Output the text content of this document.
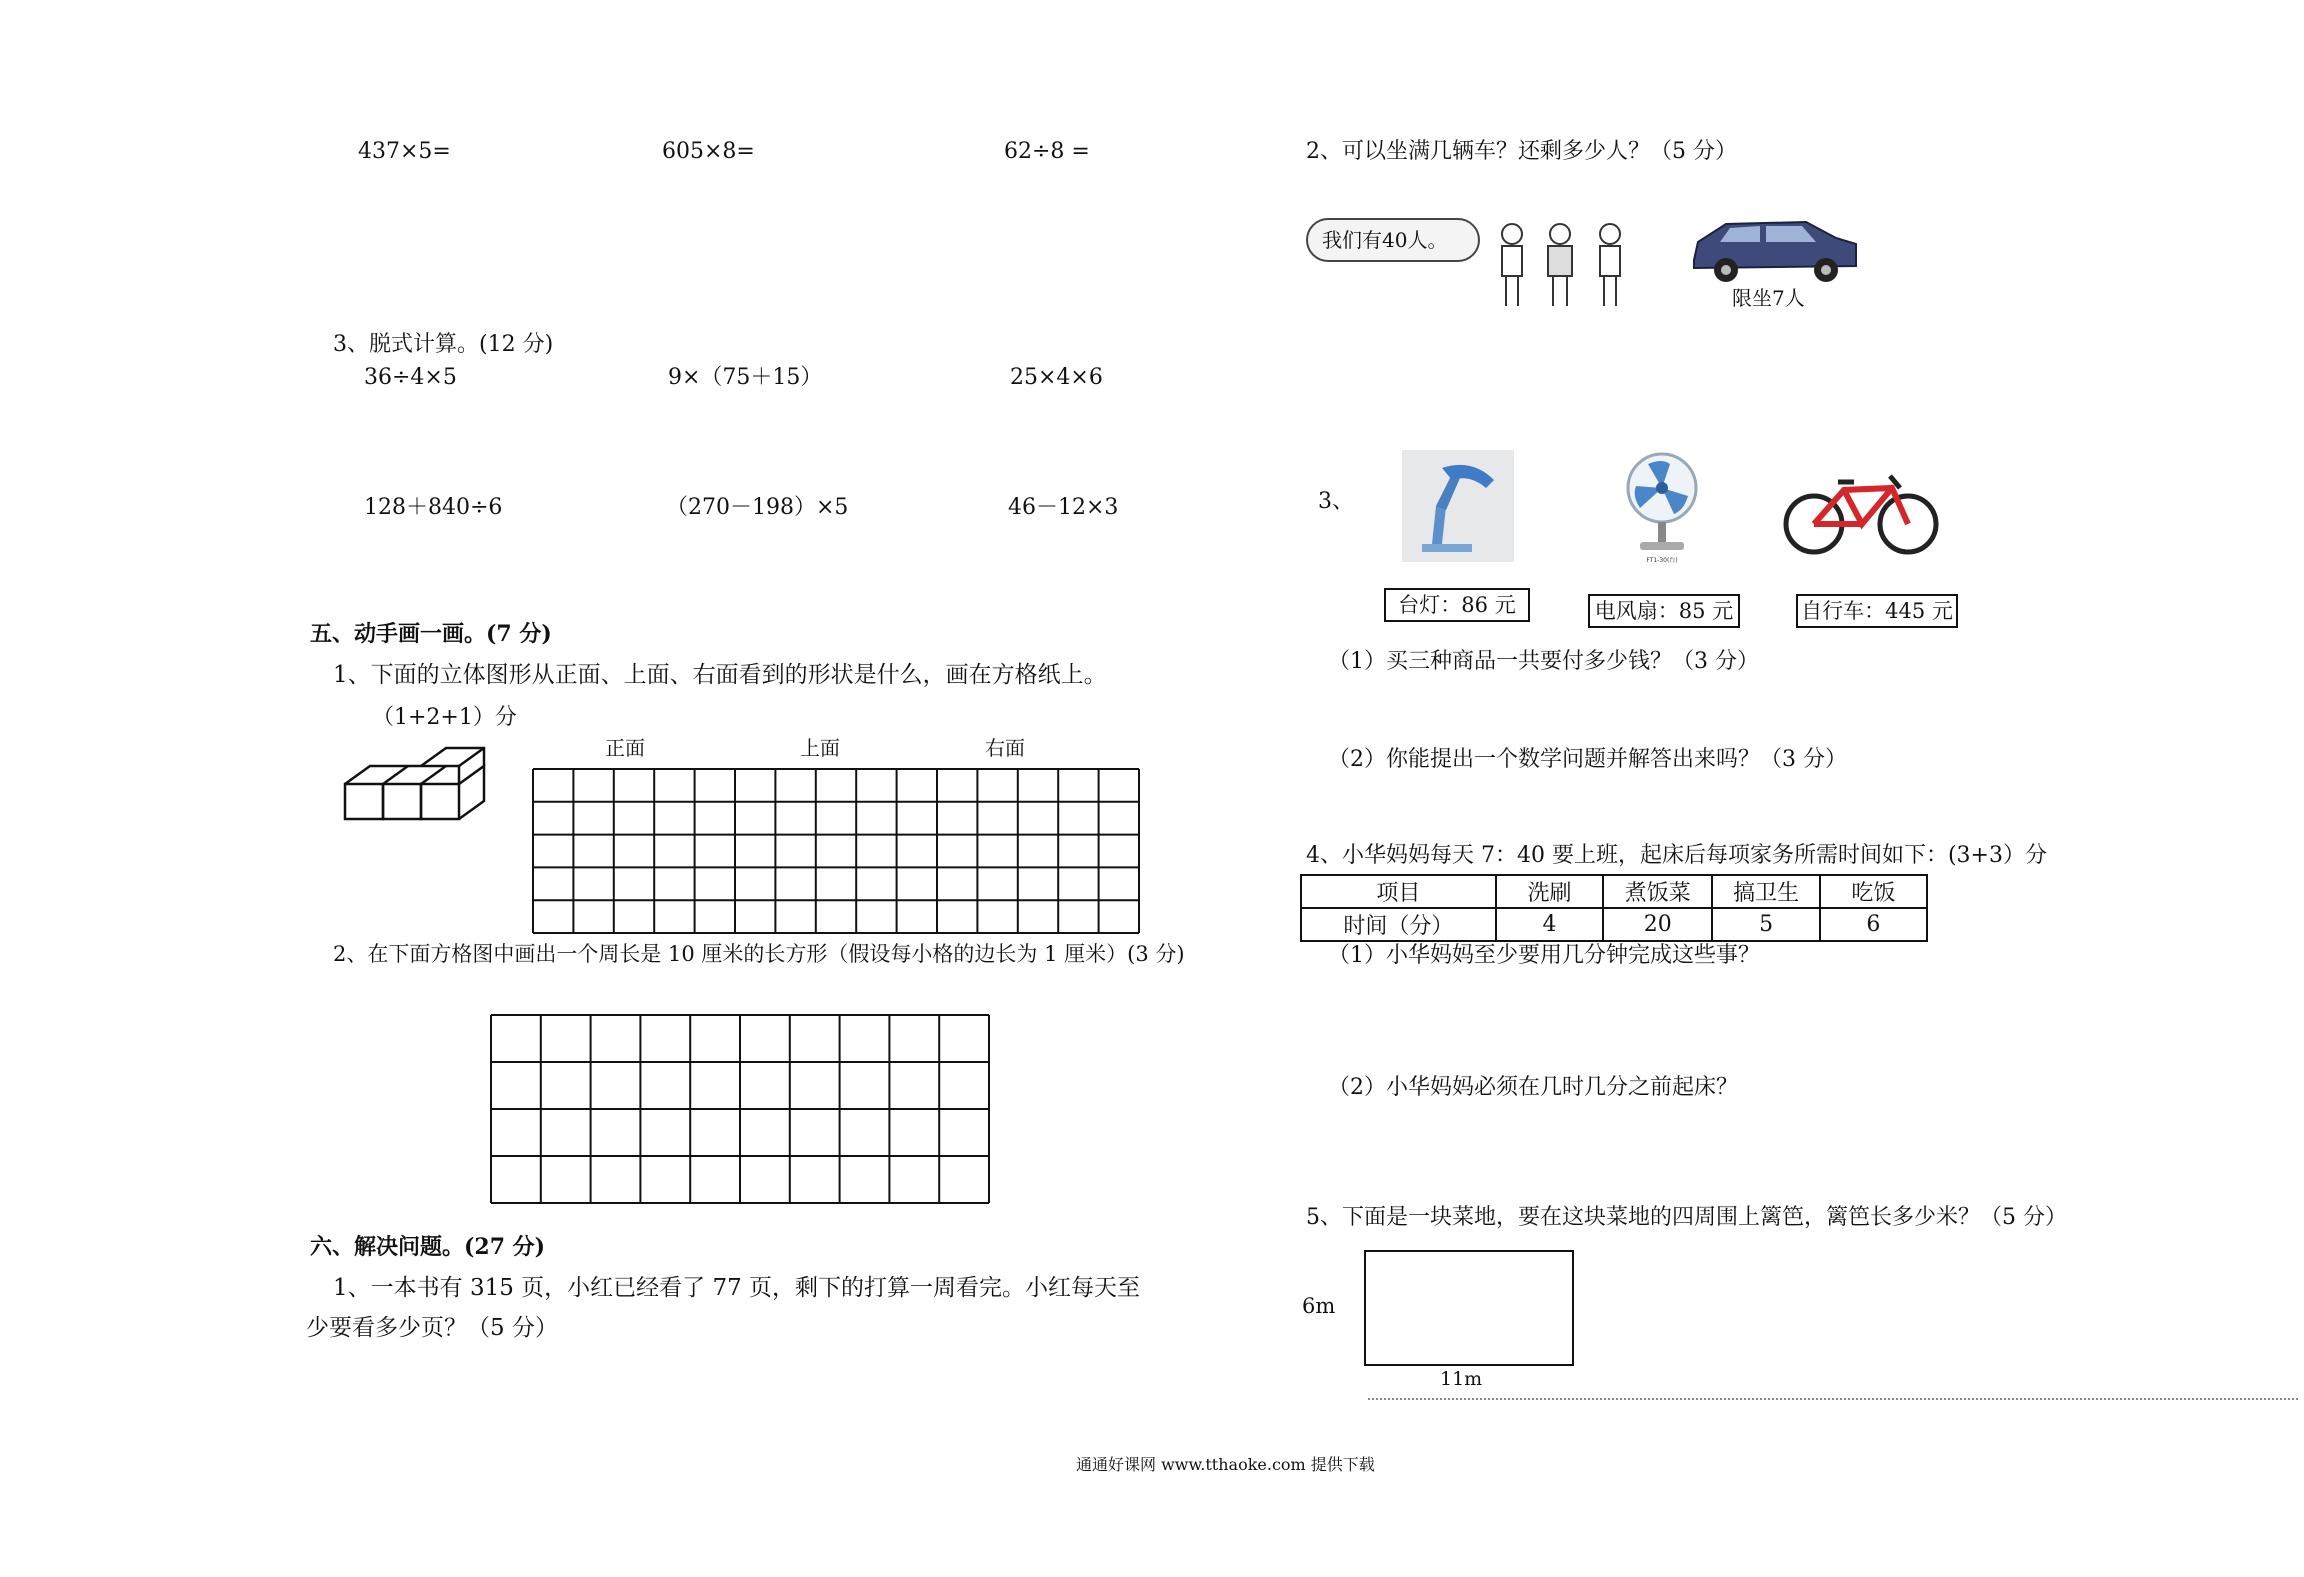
437×5=	605×8=	62÷8 =
3、脱式计算。(12 分)
36÷4×5	9×（75＋15）	25×4×6
128＋840÷6	（270－198）×5	46－12×3
五、动手画一画。(7 分)
1、下面的立体图形从正面、上面、右面看到的形状是什么，画在方格纸上。
（1+2+1）分
正面	上面	右面
2、在下面方格图中画出一个周长是 10 厘米的长方形（假设每小格的边长为 1 厘米）(3 分)
六、解决问题。(27 分)
1、一本书有 315 页，小红已经看了 77 页，剩下的打算一周看完。小红每天至
少要看多少页？（5 分）
2、可以坐满几辆车？还剩多少人？（5 分）
我们有40人。
限坐7人
3、
FT1-30(台)
台灯：86 元	电风扇：85 元	自行车：445 元
（1）买三种商品一共要付多少钱？（3 分）
（2）你能提出一个数学问题并解答出来吗？（3 分）
4、小华妈妈每天 7：40 要上班，起床后每项家务所需时间如下：(3+3）分
项目	洗刷	煮饭菜	搞卫生	吃饭
时间（分）	4	20	5	6
（1）小华妈妈至少要用几分钟完成这些事？
（2）小华妈妈必须在几时几分之前起床？
5、下面是一块菜地，要在这块菜地的四周围上篱笆，篱笆长多少米？（5 分）
6m
11m
通通好课网 www.tthaoke.com 提供下载
